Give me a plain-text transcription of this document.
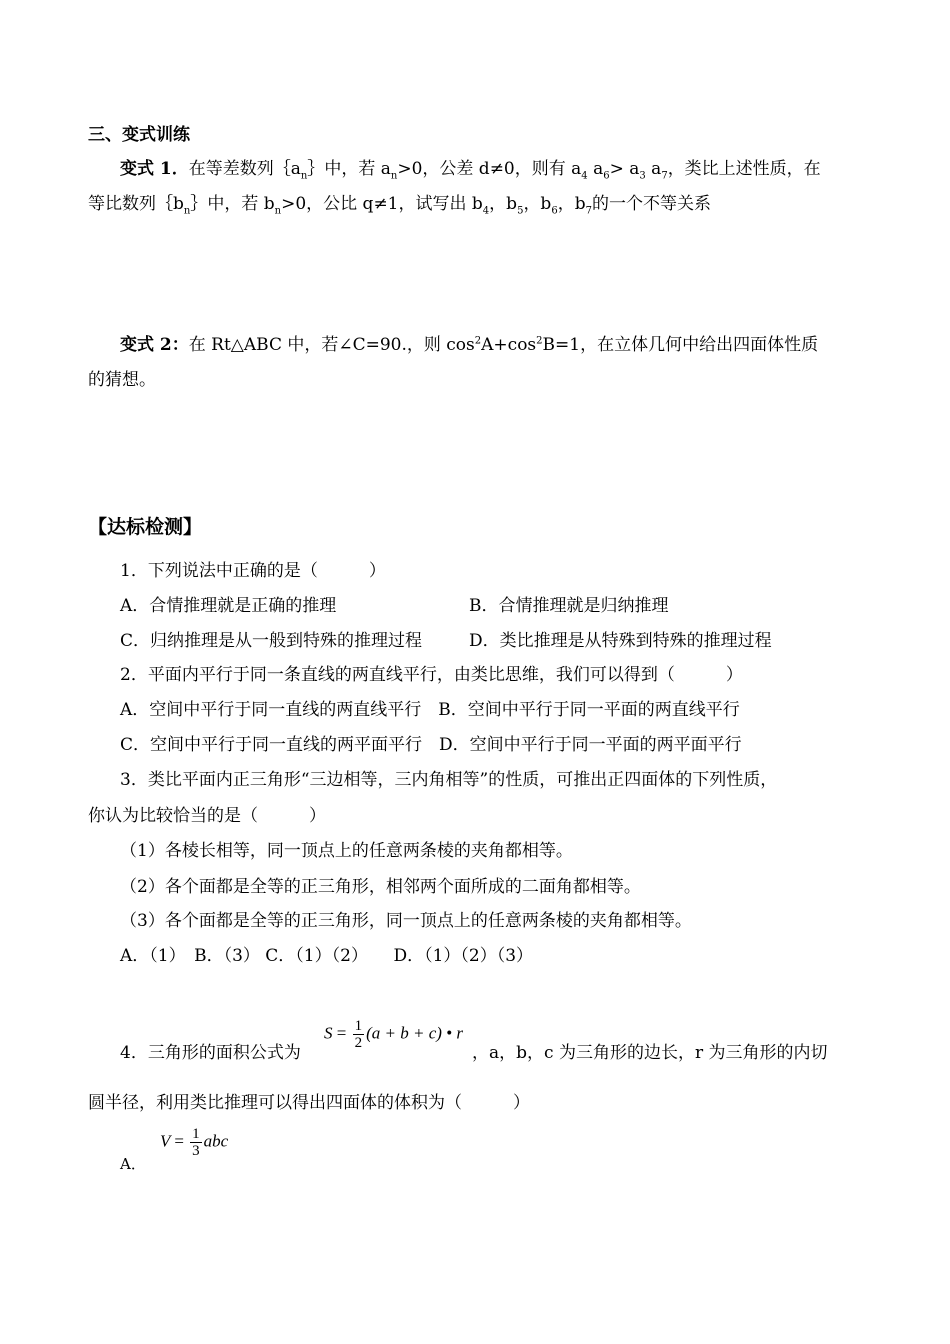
三、变式训练
变式 1．在等差数列$\{a_n\}$中，若 $a_n>0$，公差 d≠0，则有 $a_4$ $a_6> a_3$ $a_7$，类比上述性质，在
等比数列$\{b_n\}$中，若 $b_n>0$，公比 q≠1，试写出 $b_4$，$b_5$，$b_6$，$b_7$的一个不等关系
变式 2：在 Rt△ABC 中，若∠C=90.，则 $\cos^2A+\cos^2B=1$，在立体几何中给出四面体性质
的猜想。
【达标检测】
1．下列说法中正确的是（　　　）
A．合情推理就是正确的推理	B．合情推理就是归纳推理
C．归纳推理是从一般到特殊的推理过程	D．类比推理是从特殊到特殊的推理过程
2．平面内平行于同一条直线的两直线平行，由类比思维，我们可以得到（　　　）
A．空间中平行于同一直线的两直线平行　B．空间中平行于同一平面的两直线平行
C．空间中平行于同一直线的两平面平行　D．空间中平行于同一平面的两平面平行
3．类比平面内正三角形“三边相等，三内角相等”的性质，可推出正四面体的下列性质，
你认为比较恰当的是（　　　）
（1）各棱长相等，同一顶点上的任意两条棱的夹角都相等。
（2）各个面都是全等的正三角形，相邻两个面所成的二面角都相等。
（3）各个面都是全等的正三角形，同一顶点上的任意两条棱的夹角都相等。
A．（1）　B．（3） C．（1）（2）　　D．（1）（2）（3）
4．三角形的面积公式为
$S = \frac{1}{2} (a + b + c)$ • r
，a，b，c 为三角形的边长，r 为三角形的内切
圆半径，利用类比推理可以得出四面体的体积为（　　　）
$V = \frac{1}{3}$ abc
A．
